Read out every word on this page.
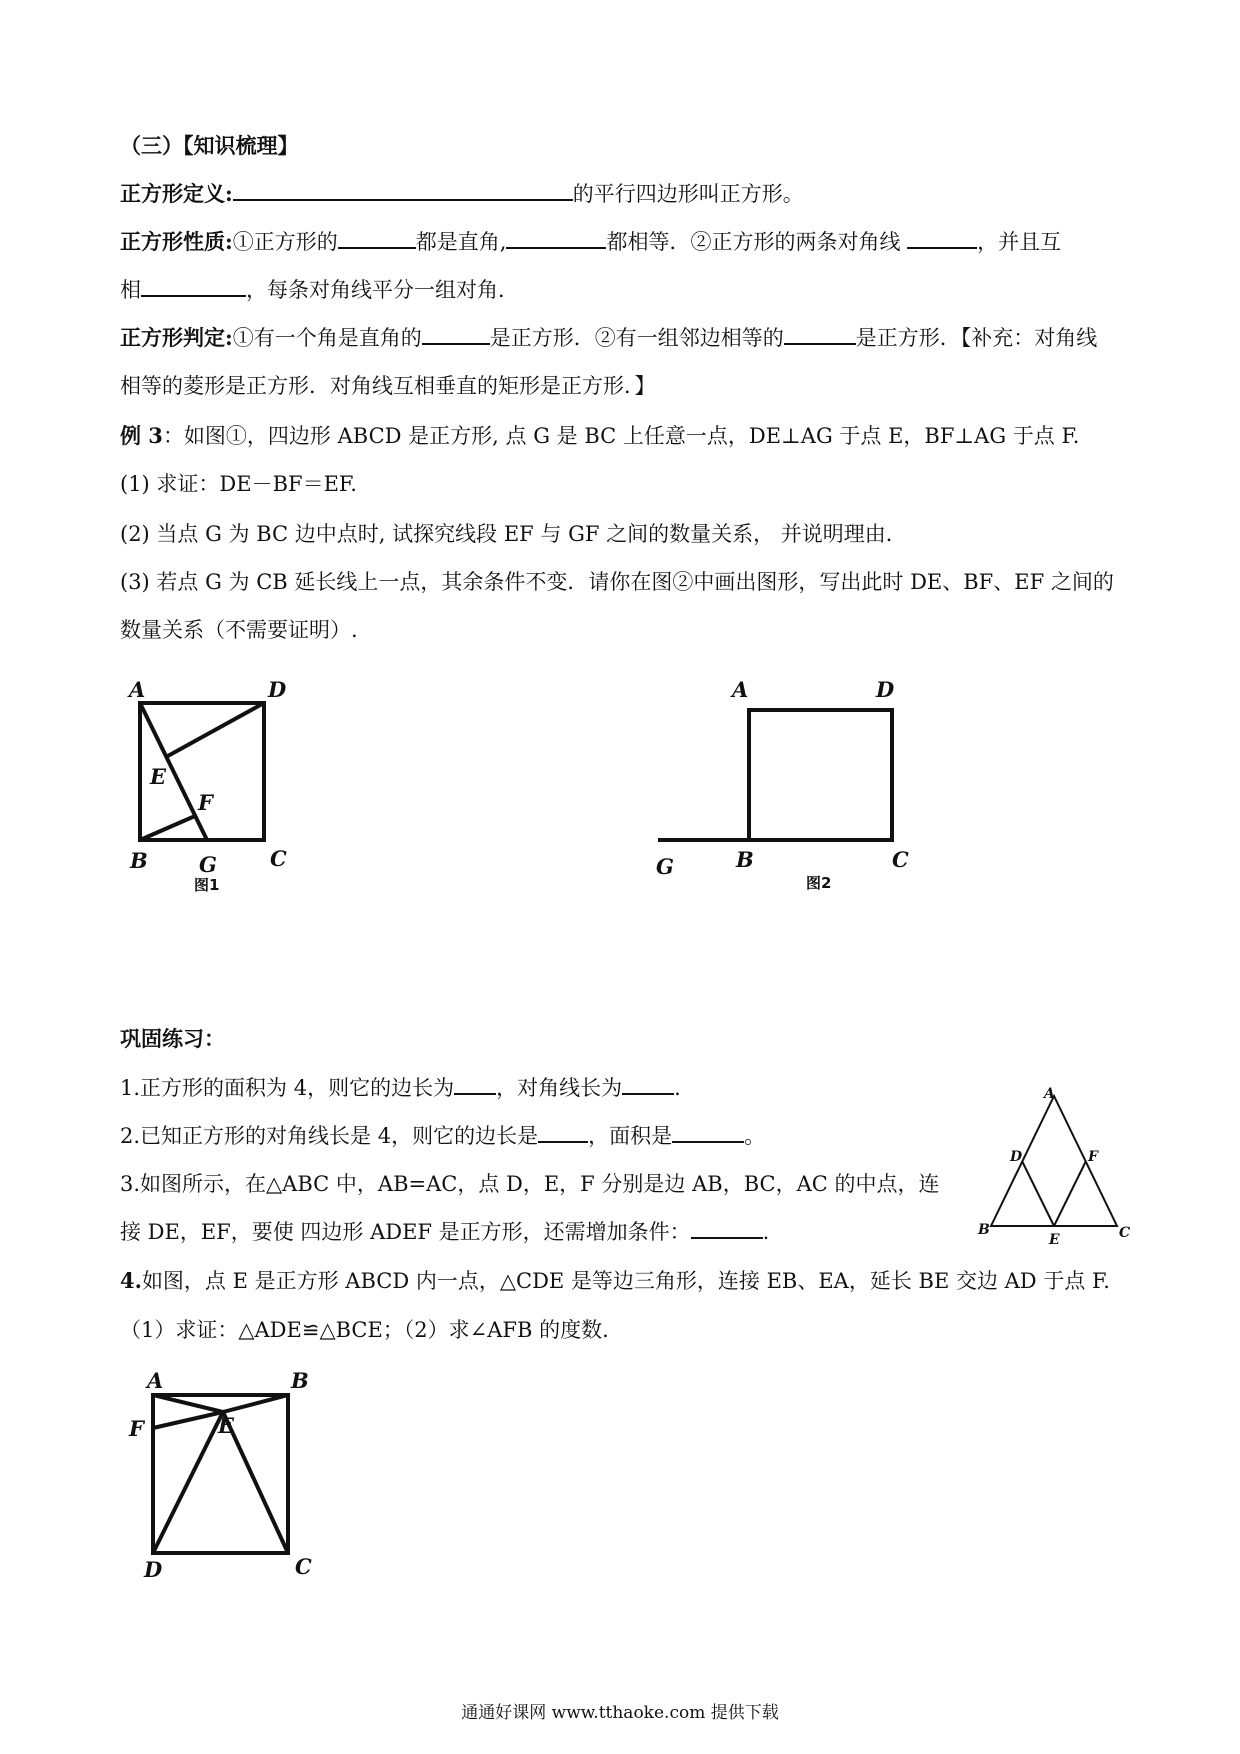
（三）【知识梳理】
正方形定义:	的平行四边形叫正方形。
正方形性质:①正方形的	都是直角,	都相等．②正方形的两条对角线	，并且互
相	，每条对角线平分一组对角．
正方形判定:①有一个角是直角的	是正方形．②有一组邻边相等的	是正方形．【补充：对角线
相等的菱形是正方形．对角线互相垂直的矩形是正方形．】
例 3：如图①，四边形 ABCD 是正方形, 点 G 是 BC 上任意一点，DE⊥AG 于点 E，BF⊥AG 于点 F.
(1) 求证：DE－BF＝EF.
(2) 当点 G 为 BC 边中点时, 试探究线段 EF 与 GF 之间的数量关系， 并说明理由．
(3) 若点 G 为 CB 延长线上一点，其余条件不变．请你在图②中画出图形，写出此时 DE、BF、EF 之间的
数量关系（不需要证明）.
A	D
E
F
B G	C
图1
A	D
G	B	C
图2
巩固练习：
1.正方形的面积为 4，则它的边长为 ，对角线长为 .
2.已知正方形的对角线长是 4，则它的边长是 ，面积是	。
3.如图所示，在△ABC 中，AB=AC，点 D，E，F 分别是边 AB，BC，AC 的中点，连
接 DE，EF，要使 四边形 ADEF 是正方形，还需增加条件：	.
4.如图，点 E 是正方形 ABCD 内一点，△CDE 是等边三角形，连接 EB、EA，延长 BE 交边 AD 于点 F.
（1）求证：△ADE≌△BCE；（2）求∠AFB 的度数.
A
D	F
B
E	C
A	B
F	E
D	C
通通好课网 www.tthaoke.com 提供下载
